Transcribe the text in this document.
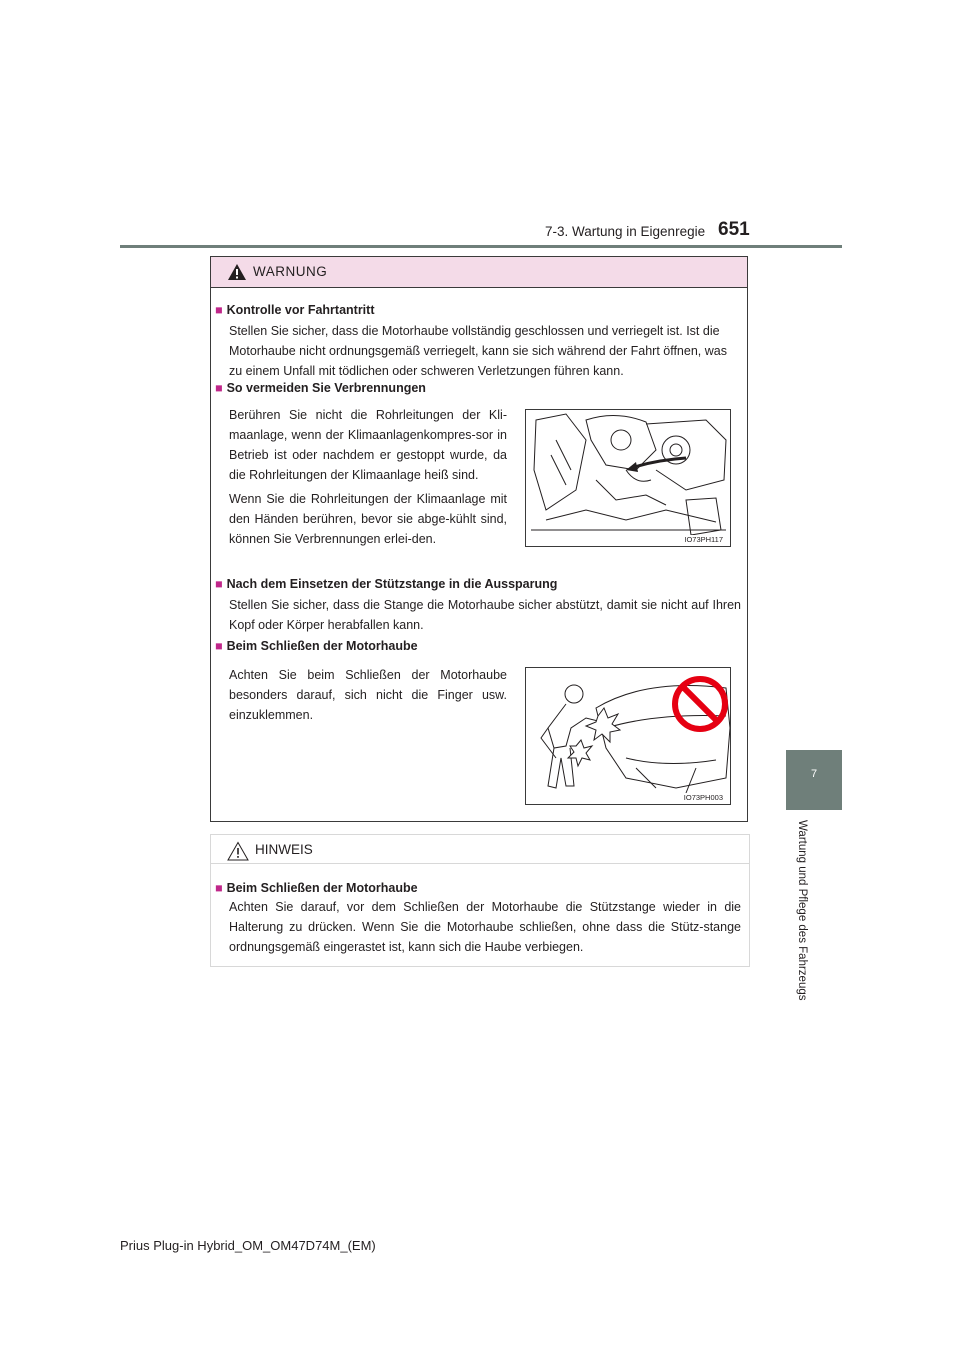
7-3. Wartung in Eigenregie 651
7
Wartung und Pflege des Fahrzeugs
WARNUNG
■ Kontrolle vor Fahrtantritt
Stellen Sie sicher, dass die Motorhaube vollständig geschlossen und verriegelt ist. Ist die Motorhaube nicht ordnungsgemäß verriegelt, kann sie sich während der Fahrt öffnen, was zu einem Unfall mit tödlichen oder schweren Verletzungen führen kann.
■ So vermeiden Sie Verbrennungen

Berühren Sie nicht die Rohrleitungen der Kli-maanlage, wenn der Klimaanlagenkompres-sor in Betrieb ist oder nachdem er gestoppt wurde, da die Rohrleitungen der Klimaanlage heiß sind.

Wenn Sie die Rohrleitungen der Klimaanlage mit den Händen berühren, bevor sie abge-kühlt sind, können Sie Verbrennungen erlei-den.	IO73PH117
■ Nach dem Einsetzen der Stützstange in die Aussparung
Stellen Sie sicher, dass die Stange die Motorhaube sicher abstützt, damit sie nicht auf Ihren Kopf oder Körper herabfallen kann.
■ Beim Schließen der Motorhaube
Achten Sie beim Schließen der Motorhaube besonders darauf, sich nicht die Finger usw. einzuklemmen.
IO73PH003
HINWEIS
■ Beim Schließen der Motorhaube
Achten Sie darauf, vor dem Schließen der Motorhaube die Stützstange wieder in die Halterung zu drücken. Wenn Sie die Motorhaube schließen, ohne dass die Stütz-stange ordnungsgemäß eingerastet ist, kann sich die Haube verbiegen.
Prius Plug-in Hybrid_OM_OM47D74M_(EM)
